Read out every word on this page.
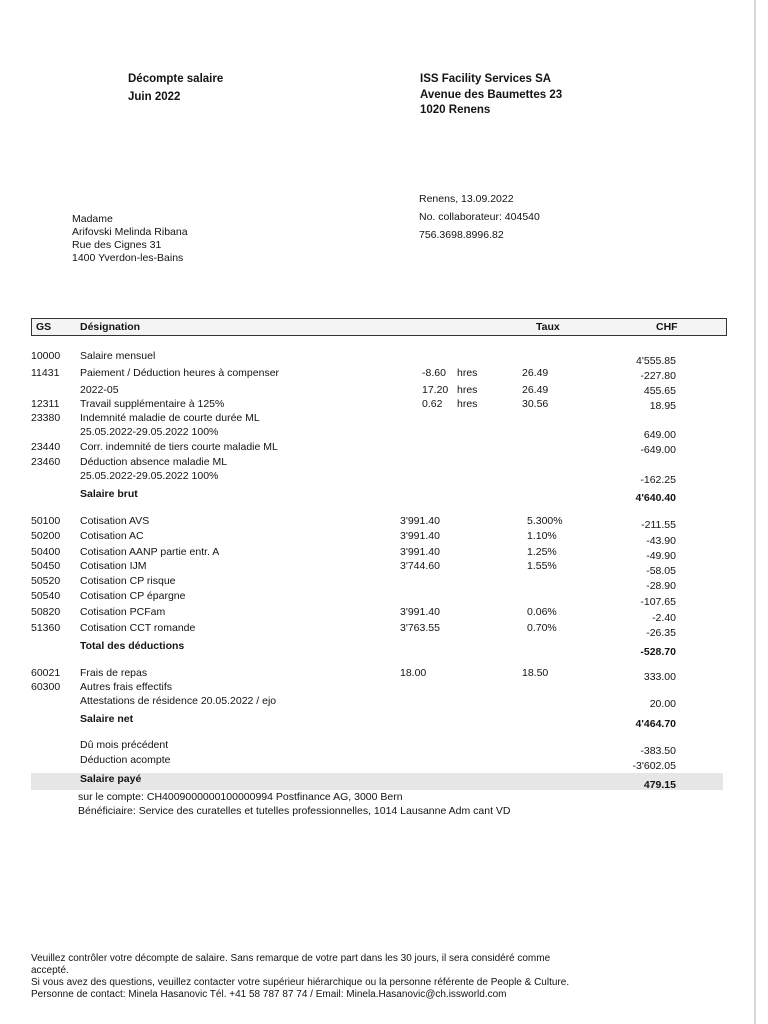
Décompte salaire
Juin 2022
ISS Facility Services SA
Avenue des Baumettes 23
1020 Renens
Renens, 13.09.2022
No. collaborateur: 404540
756.3698.8996.82
Madame
Arifovski Melinda Ribana
Rue des Cignes 31
1400 Yverdon-les-Bains
GS	Désignation	Taux	CHF
10000 Salaire mensuel	4'555.85
11431 Paiement / Déduction heures à compenser	-8.60 hres	26.49	-227.80
2022-05	17.20 hres	26.49	455.65
12311 Travail supplémentaire à 125%	0.62 hres	30.56	18.95
23380 Indemnité maladie de courte durée ML
25.05.2022-29.05.2022 100%	649.00
23440 Corr. indemnité de tiers courte maladie ML	-649.00
23460 Déduction absence maladie ML
25.05.2022-29.05.2022 100%	-162.25
Salaire brut	4'640.40
50100 Cotisation AVS	3'991.40	5.300%	-211.55
50200 Cotisation AC	3'991.40	1.10%	-43.90
50400 Cotisation AANP partie entr. A	3'991.40	1.25%	-49.90
50450 Cotisation IJM	3'744.60	1.55%	-58.05
50520 Cotisation CP risque	-28.90
50540 Cotisation CP épargne	-107.65
50820 Cotisation PCFam	3'991.40	0.06%	-2.40
51360 Cotisation CCT romande	3'763.55	0.70%	-26.35
Total des déductions	-528.70
60021 Frais de repas	18.00	18.50	333.00
60300 Autres frais effectifs
Attestations de résidence 20.05.2022 / ejo	20.00
Salaire net	4'464.70
Dû mois précédent	-383.50
Déduction acompte	-3'602.05
Salaire payé	479.15
sur le compte: CH4009000000100000994 Postfinance AG, 3000 Bern
Bénéficiaire: Service des curatelles et tutelles professionnelles, 1014 Lausanne Adm cant VD
Veuillez contrôler votre décompte de salaire. Sans remarque de votre part dans les 30 jours, il sera considéré comme
accepté.
Si vous avez des questions, veuillez contacter votre supérieur hiérarchique ou la personne référente de People & Culture.
Personne de contact: Minela Hasanovic Tél. +41 58 787 87 74 / Email: Minela.Hasanovic@ch.issworld.com
